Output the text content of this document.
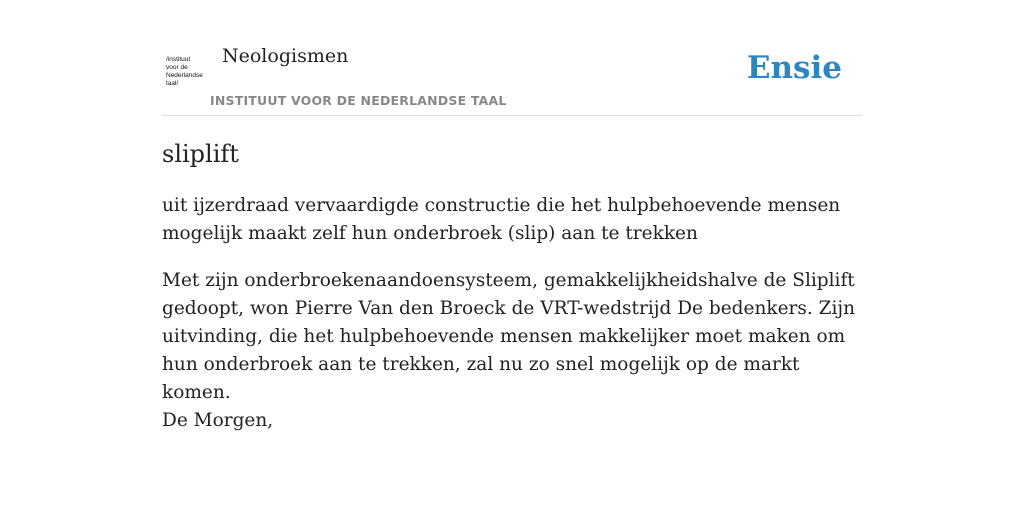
/instituut
voor de
Nederlandse
taal/
Neologismen
INSTITUUT VOOR DE NEDERLANDSE TAAL
Ensie
sliplift

uit ijzerdraad vervaardigde constructie die het hulpbehoevende mensen mogelijk maakt zelf hun onderbroek (slip) aan te trekken

Met zijn onderbroekenaandoensysteem, gemakkelijkheidshalve de Sliplift gedoopt, won Pierre Van den Broeck de VRT-wedstrijd De bedenkers. Zijn uitvinding, die het hulpbehoevende mensen makkelijker moet maken om hun onderbroek aan te trekken, zal nu zo snel mogelijk op de markt komen.
De Morgen,
